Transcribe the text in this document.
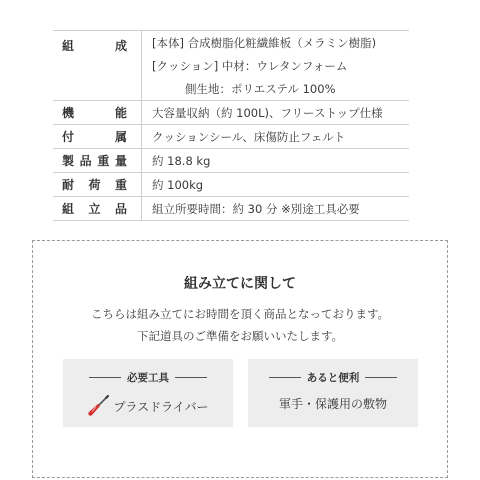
組	成	[本体] 合成樹脂化粧繊維板（メラミン樹脂)
[クッション] 中材：ウレタンフォーム
側生地：ポリエステル 100%
機	能	大容量収納（約 100L)、フリーストップ仕様
付	属	クッションシール、床傷防止フェルト
製 品 重 量	約 18.8 kg
耐 荷 重	約 100kg
組 立 品	組立所要時間：約 30 分 ※別途工具必要
組み立てに関して
こちらは組み立てにお時間を頂く商品となっております。
下記道具のご準備をお願いいたします。
必要工具
プラスドライバー
あると便利
軍手・保護用の敷物
